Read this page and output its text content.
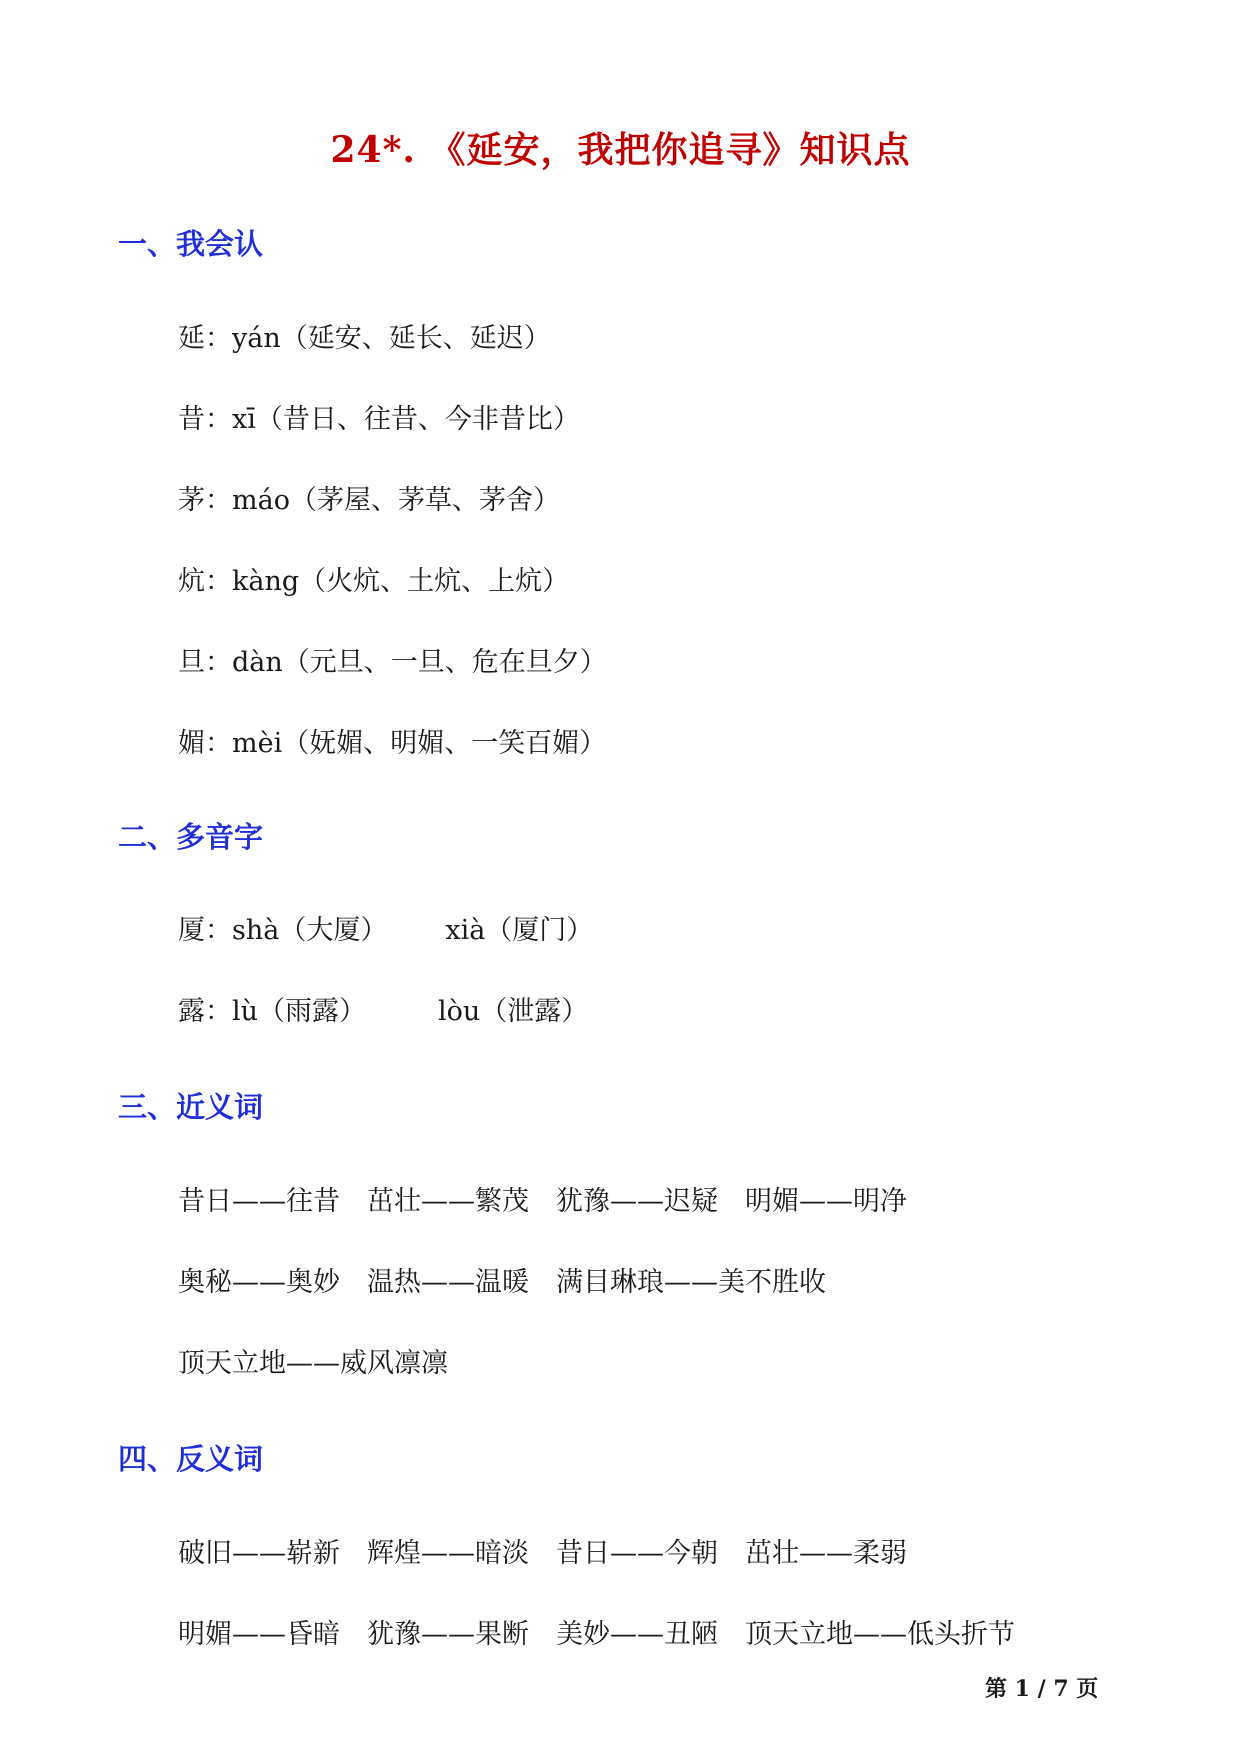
24*. 《延安，我把你追寻》知识点
一、我会认
延：yán（延安、延长、延迟）
昔：xī（昔日、往昔、今非昔比）
茅：máo（茅屋、茅草、茅舍）
炕：kàng（火炕、土炕、上炕）
旦：dàn（元旦、一旦、危在旦夕）
媚：mèi（妩媚、明媚、一笑百媚）
二、多音字
厦：shà（大厦） xià（厦门）
露：lù（雨露）	lòu（泄露）
三、近义词
昔日——往昔　茁壮——繁茂　犹豫——迟疑　明媚——明净
奥秘——奥妙　温热——温暖　满目琳琅——美不胜收
顶天立地——威风凛凛
四、反义词
破旧——崭新　辉煌——暗淡　昔日——今朝　茁壮——柔弱
明媚——昏暗　犹豫——果断　美妙——丑陋　顶天立地——低头折节
第 1 / 7 页
